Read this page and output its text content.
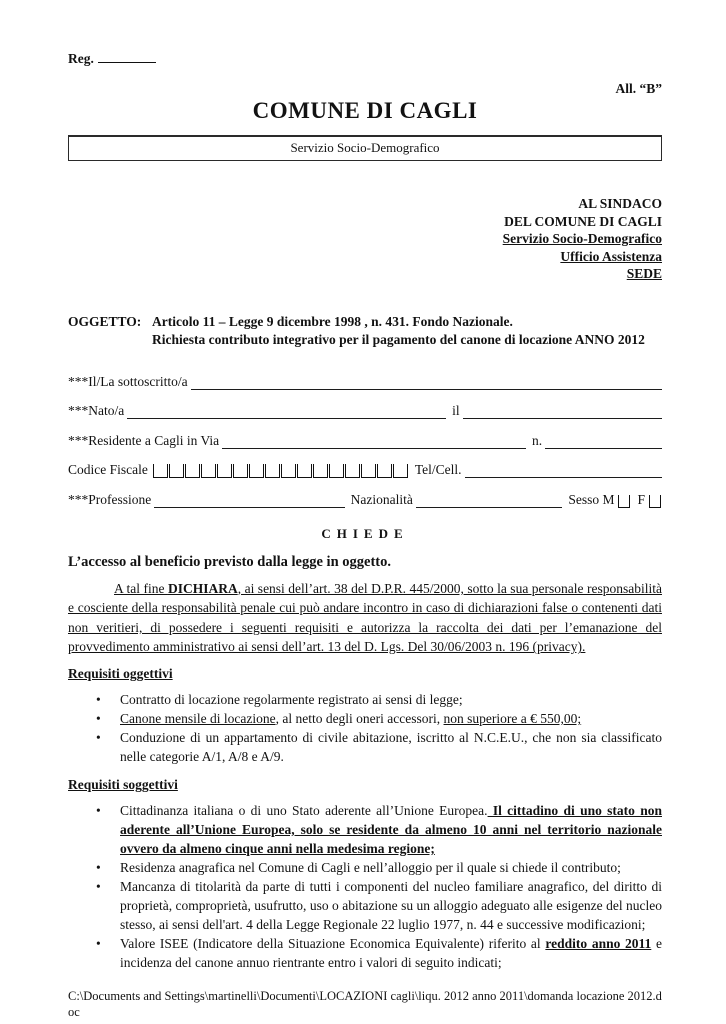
Reg.
All. “B”
COMUNE DI CAGLI
Servizio Socio-Demografico
AL SINDACO
DEL COMUNE DI CAGLI
Servizio Socio-Demografico
Ufficio Assistenza
SEDE
OGGETTO: Articolo 11 – Legge 9 dicembre 1998 , n. 431. Fondo Nazionale.
Richiesta contributo integrativo per il pagamento del canone di locazione ANNO 2012
***Il/La sottoscritto/a
***Nato/a	il
***Residente a Cagli in Via	n.
Codice Fiscale	Tel/Cell.
***Professione	Nazionalità	Sesso M F
CHIEDE
L’accesso al beneficio previsto dalla legge in oggetto.

A tal fine DICHIARA, ai sensi dell’art. 38 del D.P.R. 445/2000, sotto la sua personale responsabilità e cosciente della responsabilità penale cui può andare incontro in caso di dichiarazioni false o contenenti dati non veritieri, di possedere i seguenti requisiti e autorizza la raccolta dei dati per l’emanazione del provvedimento amministrativo ai sensi dell’art. 13 del D. Lgs. Del 30/06/2003 n. 196 (privacy).

Requisiti oggettivi
•	Contratto di locazione regolarmente registrato ai sensi di legge;
•	Canone mensile di locazione, al netto degli oneri accessori, non superiore a € 550,00;
•	Conduzione di un appartamento di civile abitazione, iscritto al N.C.E.U., che non sia classificato nelle categorie A/1, A/8 e A/9.
Requisiti soggettivi
•	Cittadinanza italiana o di uno Stato aderente all’Unione Europea. Il cittadino di uno stato non aderente all’Unione Europea, solo se residente da almeno 10 anni nel territorio nazionale ovvero da almeno cinque anni nella medesima regione;
•	Residenza anagrafica nel Comune di Cagli e nell’alloggio per il quale si chiede il contributo;
•	Mancanza di titolarità da parte di tutti i componenti del nucleo familiare anagrafico, del diritto di proprietà, comproprietà, usufrutto, uso o abitazione su un alloggio adeguato alle esigenze del nucleo stesso, ai sensi dell'art. 4 della Legge Regionale 22 luglio 1977, n. 44 e successive modificazioni;
•	Valore ISEE (Indicatore della Situazione Economica Equivalente) riferito al reddito anno 2011 e incidenza del canone annuo rientrante entro i valori di seguito indicati;
C:\Documents and Settings\martinelli\Documenti\LOCAZIONI cagli\liqu. 2012 anno 2011\domanda locazione 2012.doc
